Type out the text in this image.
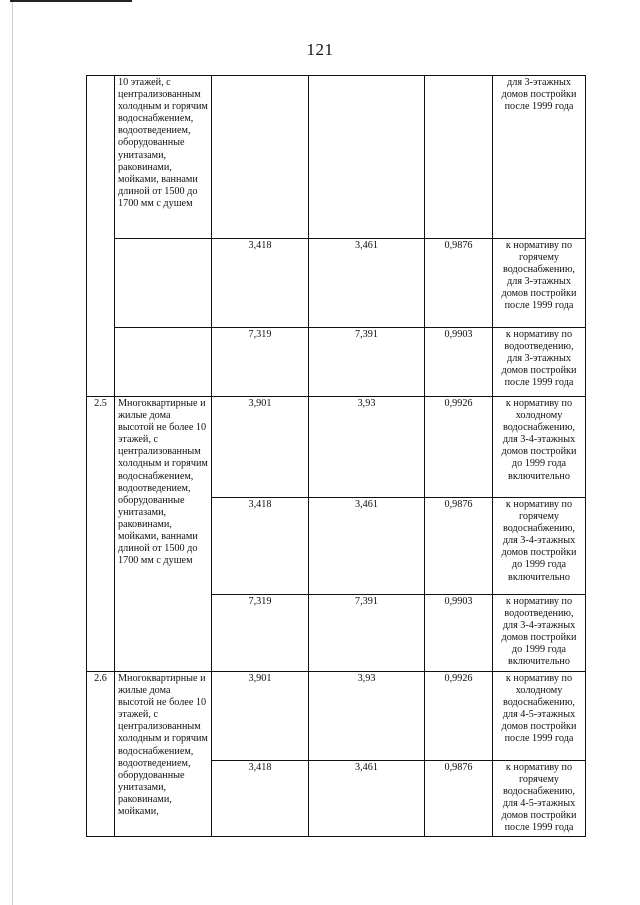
121
	10 этажей, с централизованным холодным и горячим водоснабжением, водоотведением, оборудованные унитазами, раковинами, мойками, ваннами длиной от 1500 до 1700 мм с душем				для 3-этажных домов постройки после 1999 года
		3,418	3,461	0,9876	к нормативу по горячему водоснабжению, для 3-этажных домов постройки после 1999 года
		7,319	7,391	0,9903	к нормативу по водоотведению, для 3-этажных домов постройки после 1999 года
2.5	Многоквартирные и жилые дома высотой не более 10 этажей, с централизованным холодным и горячим водоснабжением, водоотведением, оборудованные унитазами, раковинами, мойками, ваннами длиной от 1500 до 1700 мм с душем	3,901	3,93	0,9926	к нормативу по холодному водоснабжению, для 3-4-этажных домов постройки до 1999 года включительно
		3,418	3,461	0,9876	к нормативу по горячему водоснабжению, для 3-4-этажных домов постройки до 1999 года включительно
		7,319	7,391	0,9903	к нормативу по водоотведению, для 3-4-этажных домов постройки до 1999 года включительно
2.6	Многоквартирные и жилые дома высотой не более 10 этажей, с централизованным холодным и горячим водоснабжением, водоотведением, оборудованные унитазами, раковинами, мойками,	3,901	3,93	0,9926	к нормативу по холодному водоснабжению, для 4-5-этажных домов постройки после 1999 года
		3,418	3,461	0,9876	к нормативу по горячему водоснабжению, для 4-5-этажных домов постройки после 1999 года
